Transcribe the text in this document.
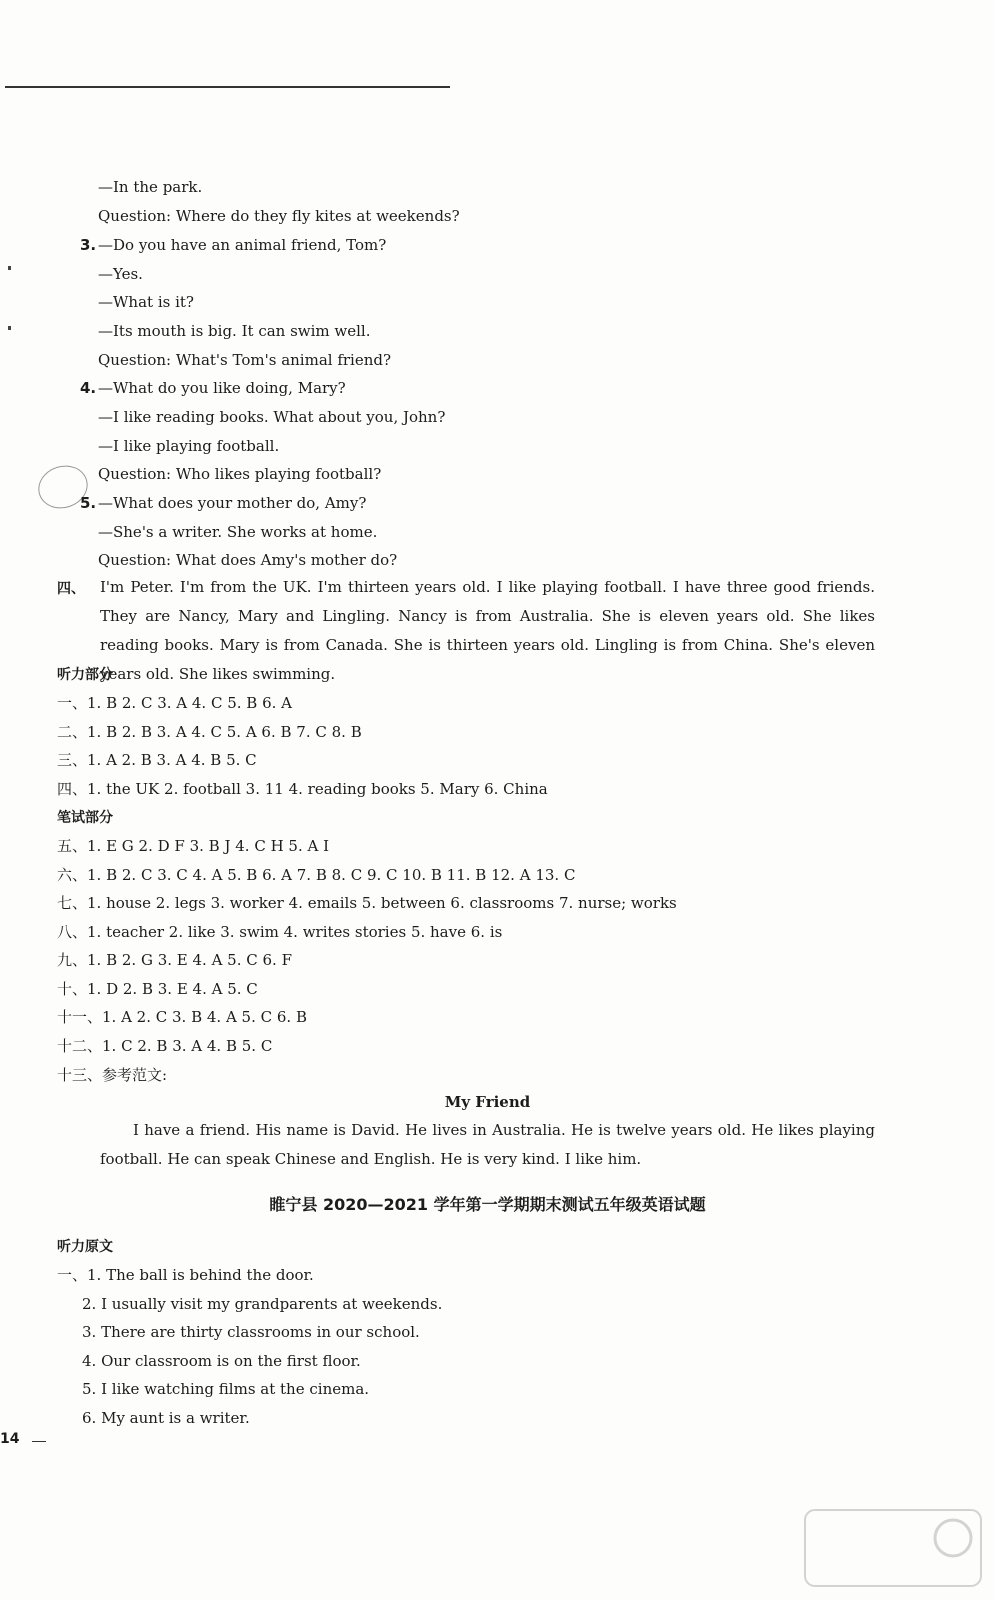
—In the park.
Question: Where do they fly kites at weekends?
3. —Do you have an animal friend, Tom?
—Yes.
—What is it?
—Its mouth is big. It can swim well.
Question: What's Tom's animal friend?
4. —What do you like doing, Mary?
—I like reading books. What about you, John?
—I like playing football.
Question: Who likes playing football?
5. —What does your mother do, Amy?
—She's a writer. She works at home.
Question: What does Amy's mother do?
四、 I'm Peter. I'm from the UK. I'm thirteen years old. I like playing football. I have three good friends. They are Nancy, Mary and Lingling. Nancy is from Australia. She is eleven years old. She likes reading books. Mary is from Canada. She is thirteen years old. Lingling is from China. She's eleven years old. She likes swimming.
听力部分
一、1. B 2. C 3. A 4. C 5. B 6. A
二、1. B 2. B 3. A 4. C 5. A 6. B 7. C 8. B
三、1. A 2. B 3. A 4. B 5. C
四、1. the UK 2. football 3. 11 4. reading books 5. Mary 6. China
笔试部分
五、1. E G 2. D F 3. B J 4. C H 5. A I
六、1. B 2. C 3. C 4. A 5. B 6. A 7. B 8. C 9. C 10. B 11. B 12. A 13. C
七、1. house 2. legs 3. worker 4. emails 5. between 6. classrooms 7. nurse; works
八、1. teacher 2. like 3. swim 4. writes stories 5. have 6. is
九、1. B 2. G 3. E 4. A 5. C 6. F
十、1. D 2. B 3. E 4. A 5. C
十一、1. A 2. C 3. B 4. A 5. C 6. B
十二、1. C 2. B 3. A 4. B 5. C
十三、参考范文:
My Friend
I have a friend. His name is David. He lives in Australia. He is twelve years old. He likes playing football. He can speak Chinese and English. He is very kind. I like him.
睢宁县 2020—2021 学年第一学期期末测试五年级英语试题
听力原文
一、1. The ball is behind the door.
2. I usually visit my grandparents at weekends.
3. There are thirty classrooms in our school.
4. Our classroom is on the first floor.
5. I like watching films at the cinema.
6. My aunt is a writer.
14
